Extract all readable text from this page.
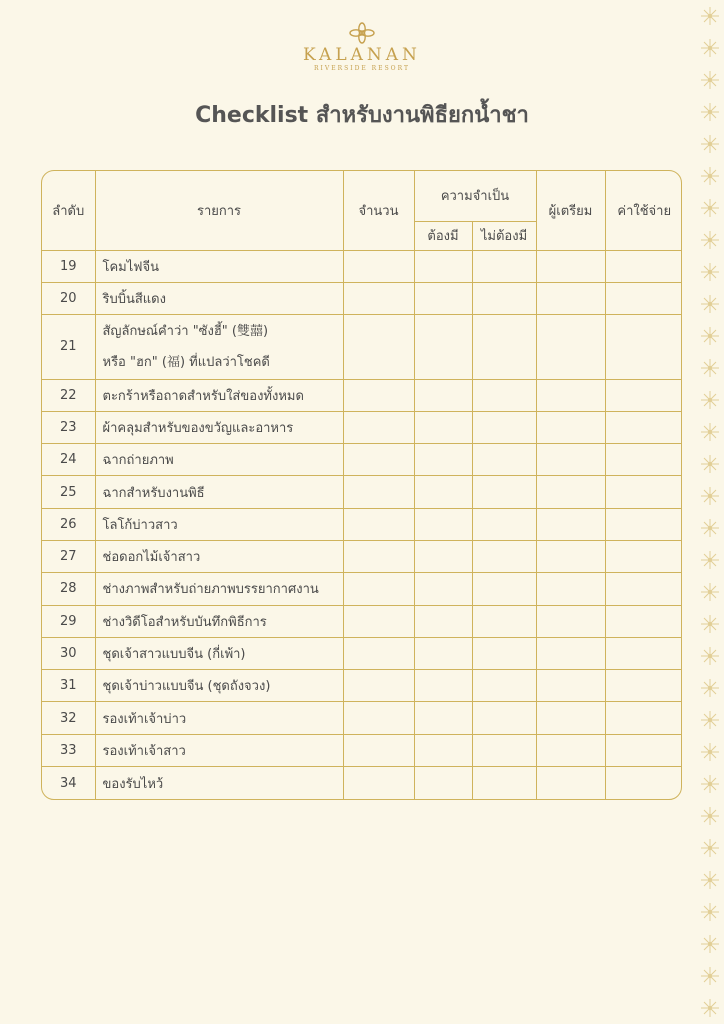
KALANAN
RIVERSIDE RESORT
Checklist สำหรับงานพิธียกน้ำชา
ลำดับ	รายการ	จำนวน	ความจำเป็น		ผู้เตรียม	ค่าใช้จ่าย
			ต้องมี	ไม่ต้องมี		
19	โคมไฟจีน					
20	ริบบิ้นสีแดง					
21	สัญลักษณ์คำว่า "ซังฮี้" (雙囍)
หรือ "ฮก" (福) ที่แปลว่าโชคดี					

22	ตะกร้าหรือถาดสำหรับใส่ของทั้งหมด					
23	ผ้าคลุมสำหรับของขวัญและอาหาร					
24	ฉากถ่ายภาพ					
25	ฉากสำหรับงานพิธี					
26	โลโก้บ่าวสาว					
27	ช่อดอกไม้เจ้าสาว					
28	ช่างภาพสำหรับถ่ายภาพบรรยากาศงาน					
29	ช่างวิดีโอสำหรับบันทึกพิธีการ					
30	ชุดเจ้าสาวแบบจีน (กี่เพ้า)					
31	ชุดเจ้าบ่าวแบบจีน (ชุดถังจวง)					
32	รองเท้าเจ้าบ่าว					
33	รองเท้าเจ้าสาว					
34	ของรับไหว้					
